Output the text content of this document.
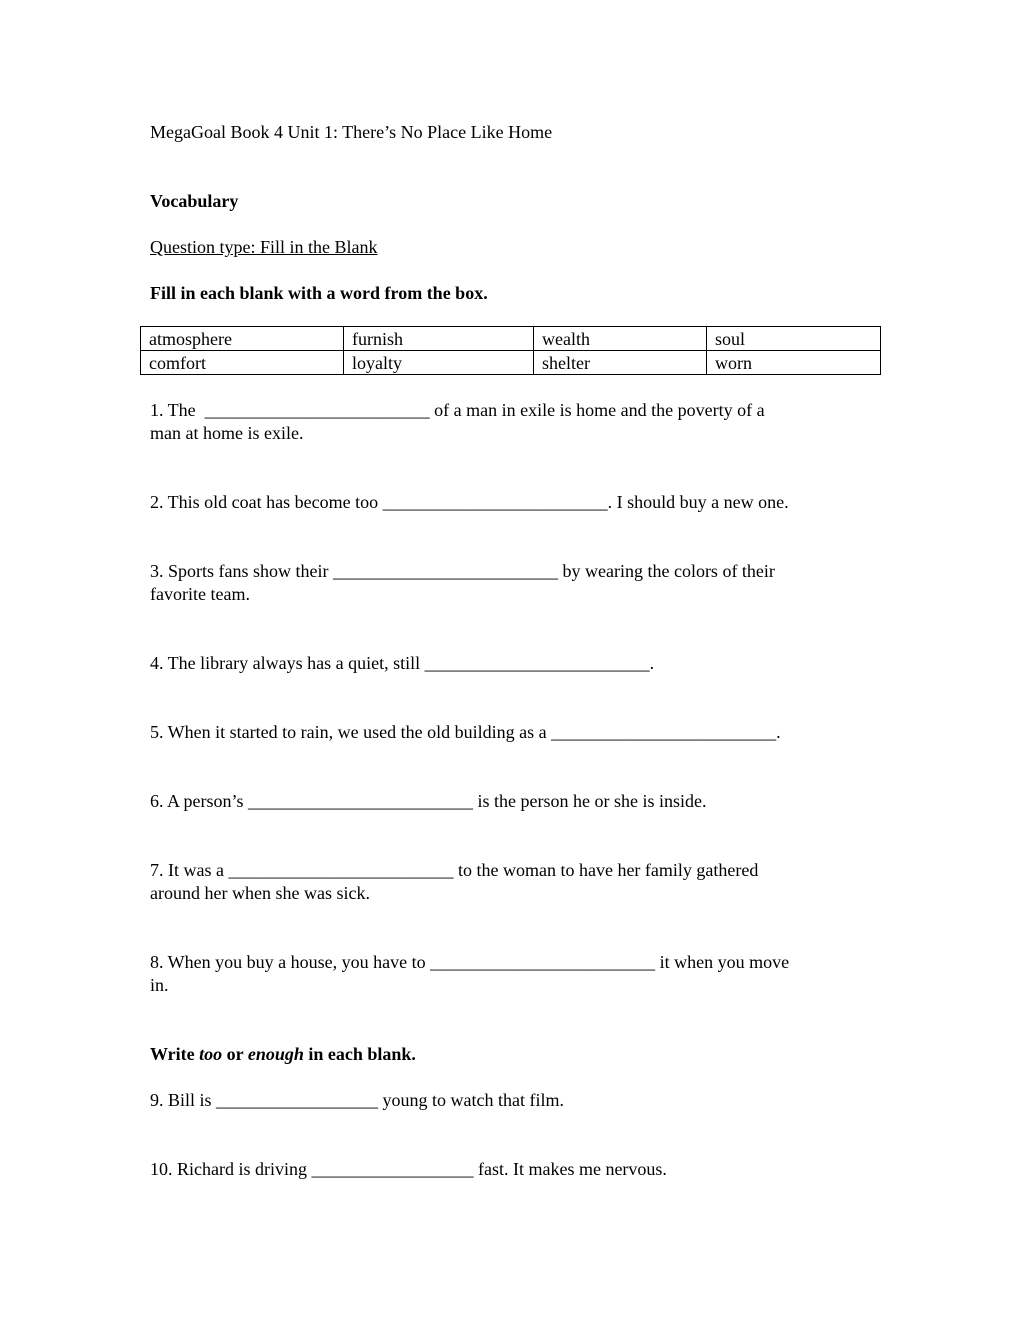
MegaGoal Book 4 Unit 1: There’s No Place Like Home

Vocabulary

Question type: Fill in the Blank

Fill in each blank with a word from the box.

atmosphere	furnish	wealth	soul
comfort	loyalty	shelter	worn
1. The  _________________________ of a man in exile is home and the poverty of a
man at home is exile.
2. This old coat has become too _________________________. I should buy a new one.
3. Sports fans show their _________________________ by wearing the colors of their
favorite team.
4. The library always has a quiet, still _________________________.
5. When it started to rain, we used the old building as a _________________________.
6. A person’s _________________________ is the person he or she is inside.
7. It was a _________________________ to the woman to have her family gathered
around her when she was sick.
8. When you buy a house, you have to _________________________ it when you move
in.

Write too or enough in each blank.

9. Bill is __________________ young to watch that film.

10. Richard is driving __________________ fast. It makes me nervous.
